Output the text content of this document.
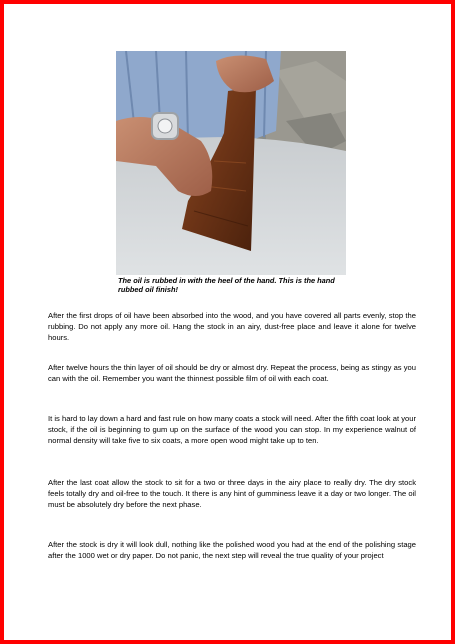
The oil is rubbed in with the heel of the hand. This is the hand rubbed oil finish!

After the first drops of oil have been absorbed into the wood, and you have covered all parts evenly, stop the rubbing. Do not apply any more oil. Hang the stock in an airy, dust-free place and leave it alone for twelve hours.

After twelve hours the thin layer of oil should be dry or almost dry. Repeat the process, being as stingy as you can with the oil. Remember you want the thinnest possible film of oil with each coat.

It is hard to lay down a hard and fast rule on how many coats a stock will need. After the fifth coat look at your stock, if the oil is beginning to gum up on the surface of the wood you can stop. In my experience walnut of normal density will take five to six coats, a more open wood might take up to ten.

After the last coat allow the stock to sit for a two or three days in the airy place to really dry. The dry stock feels totally dry and oil-free to the touch. It there is any hint of gumminess leave it a day or two longer. The oil must be absolutely dry before the next phase.

After the stock is dry it will look dull, nothing like the polished wood you had at the end of the polishing stage after the 1000 wet or dry paper. Do not panic, the next step will reveal the true quality of your project
